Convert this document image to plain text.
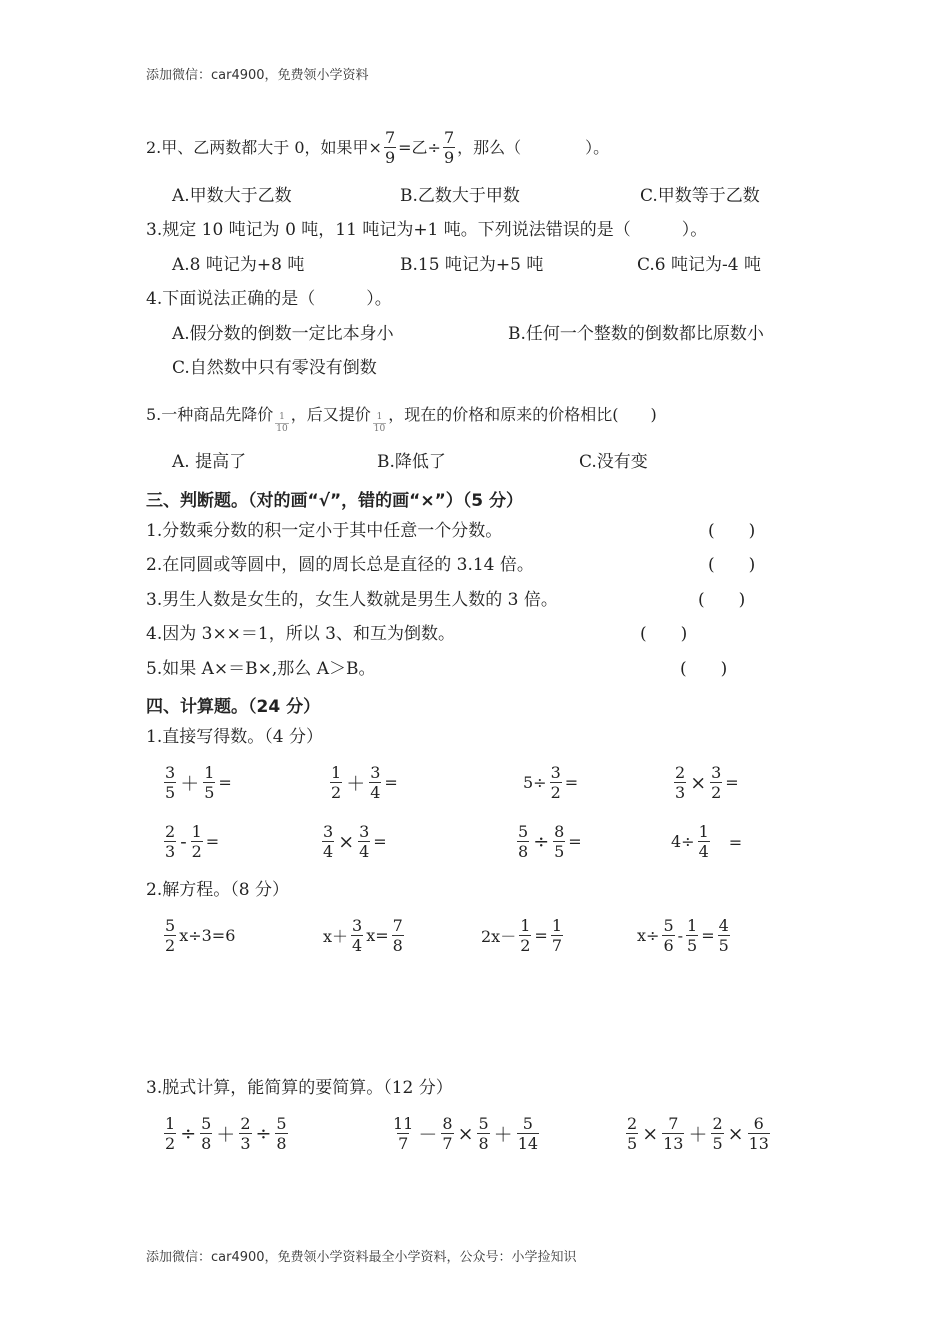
添加微信：car4900，免费领小学资料
2.甲、乙两数都大于 0，如果甲× $\frac{7}{9}$ =乙÷ $\frac{7}{9}$ ，那么（　　　　）。
A.甲数大于乙数	B.乙数大于甲数	C.甲数等于乙数
3.规定 10 吨记为 0 吨，11 吨记为+1 吨。下列说法错误的是（　　　）。
A.8 吨记为+8 吨	B.15 吨记为+5 吨	C.6 吨记为-4 吨
4.下面说法正确的是（　　　）。
A.假分数的倒数一定比本身小	B.任何一个整数的倒数都比原数小
C.自然数中只有零没有倒数
5.一种商品先降价 $\frac{1}{10}$ ，后又提价 $\frac{1}{10}$ ，现在的价格和原来的价格相比(　　)
A. 提高了	B.降低了	C.没有变
三、判断题。（对的画“√”，错的画“×”）（5 分）
1.分数乘分数的积一定小于其中任意一个分数。	(　　)
2.在同圆或等圆中，圆的周长总是直径的 3.14 倍。	(　　)
3.男生人数是女生的，女生人数就是男生人数的 3 倍。	(　　)
4.因为 3××＝1，所以 3、和互为倒数。	(　　)
5.如果 A×＝B×,那么 A＞B。	(　　)
四、计算题。（24 分）
1.直接写得数。（4 分）
$\frac{3}{5} + \frac{1}{5}$ =	$\frac{1}{2} + \frac{3}{4}$ =	$5\div \frac{3}{2}$ =	$\frac{2}{3} \times \frac{3}{2}$ =
$\frac{2}{3} - \frac{1}{2}$ =	$\frac{3}{4} \times \frac{3}{4}$ =	$\frac{5}{8} \div \frac{8}{5}$ =	$4\div \frac{1}{4}$ 　=
2.解方程。（8 分）
$\frac{5}{2} x\div 3=6$	$x+ \frac{3}{4} x= \frac{7}{8}$	$2x- \frac{1}{2} = \frac{1}{7}$	$x\div \frac{5}{6} - \frac{1}{5} = \frac{4}{5}$
3.脱式计算，能简算的要简算。（12 分）
$\frac{1}{2} \div \frac{5}{8} + \frac{2}{3} \div \frac{5}{8}$	$\frac{11}{7} - \frac{8}{7} \times \frac{5}{8} + \frac{5}{14}$	$\frac{2}{5} \times \frac{7}{13} + \frac{2}{5} \times \frac{6}{13}$
添加微信：car4900，免费领小学资料最全小学资料，公众号：小学捡知识
